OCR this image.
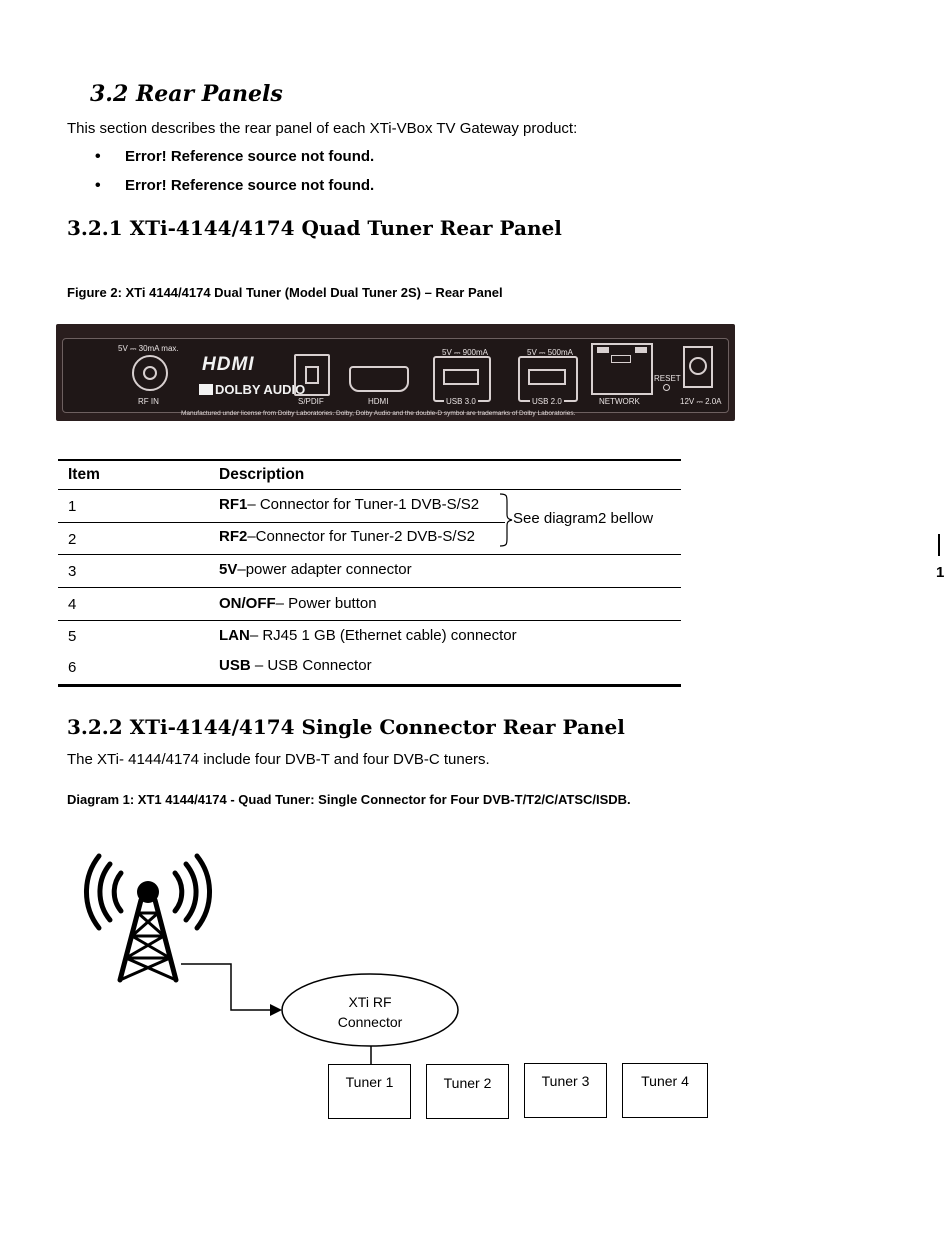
3.2 Rear Panels
This section describes the rear panel of each XTi-VBox TV Gateway product:
• Error! Reference source not found.
• Error! Reference source not found.
3.2.1 XTi-4144/4174 Quad Tuner Rear Panel
Figure 2: XTi 4144/4174 Dual Tuner (Model Dual Tuner 2S) – Rear Panel
5V ⎓ 30mA max.
RF IN
HDMI
DOLBY AUDIO
S/PDIF	HDMI
5V ⎓ 900mA
USB 3.0
5V ⎓ 500mA
USB 2.0	NETWORK
RESET
12V ⎓ 2.0A
Manufactured under license from Dolby Laboratories. Dolby, Dolby Audio and the double-D symbol are trademarks of Dolby Laboratories.
Item	Description
1	RF1– Connector for Tuner-1 DVB-S/S2
2	RF2–Connector for Tuner-2 DVB-S/S2
See diagram2 bellow
3	5V–power adapter connector
4	ON/OFF– Power button
5	LAN– RJ45 1 GB (Ethernet cable) connector
6	USB – USB Connector
1
3.2.2 XTi-4144/4174 Single Connector Rear Panel
The XTi- 4144/4174 include four DVB-T and four DVB-C tuners.
Diagram 1: XT1 4144/4174 - Quad Tuner: Single Connector for Four DVB-T/T2/C/ATSC/ISDB.
XTi RF
Connector
Tuner 1	Tuner 2	Tuner 3	Tuner 4
